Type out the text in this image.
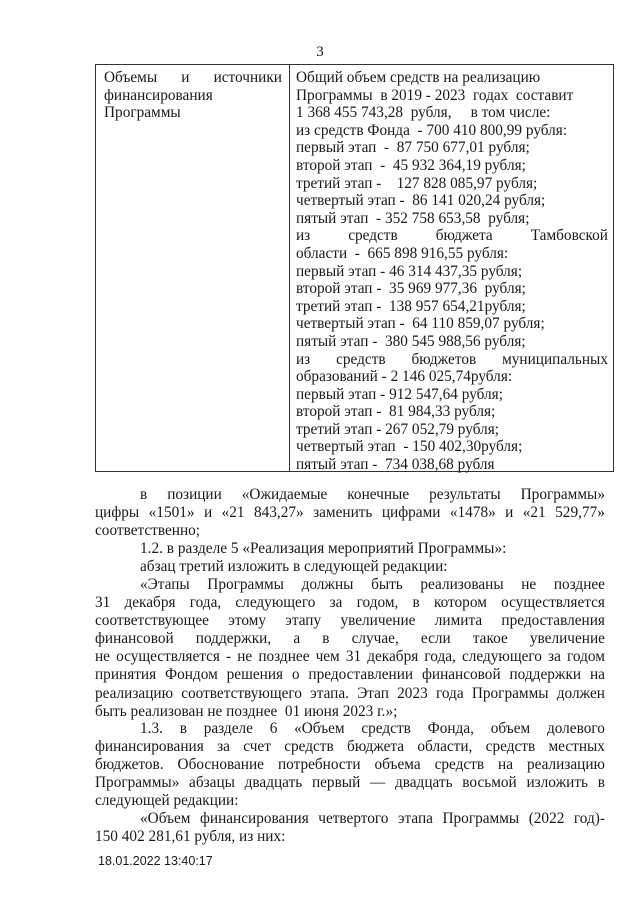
3
Объемы и источники
финансирования
Программы
Общий объем средств на реализацию
Программы  в 2019 - 2023  годах  составит
1 368 455 743,28  рубля,     в том числе:
из средств Фонда  - 700 410 800,99 рубля:
первый этап  -  87 750 677,01 рубля;
второй этап  -  45 932 364,19 рубля;
третий этап -    127 828 085,97 рубля;
четвертый этап -  86 141 020,24 рубля;
пятый этап  - 352 758 653,58  рубля;
из средств бюджета Тамбовской
области  -  665 898 916,55 рубля:
первый этап - 46 314 437,35 рубля;
второй этап -  35 969 977,36  рубля;
третий этап -  138 957 654,21рубля;
четвертый этап -  64 110 859,07 рубля;
пятый этап -  380 545 988,56 рубля;
из средств бюджетов муниципальных
образований - 2 146 025,74рубля:
первый этап - 912 547,64 рубля;
второй этап -  81 984,33 рубля;
третий этап - 267 052,79 рубля;
четвертый этап  - 150 402,30рубля;
пятый этап -  734 038,68 рубля
в позиции «Ожидаемые конечные результаты Программы»
цифры «1501» и «21 843,27» заменить цифрами «1478» и «21 529,77»
соответственно;
1.2. в разделе 5 «Реализация мероприятий Программы»:
абзац третий изложить в следующей редакции:
«Этапы Программы должны быть реализованы не позднее
31 декабря года, следующего за годом, в котором осуществляется
соответствующее этому этапу увеличение лимита предоставления
финансовой поддержки, а в случае, если такое увеличение
не осуществляется - не позднее чем 31 декабря года, следующего за годом
принятия Фондом решения о предоставлении финансовой поддержки на
реализацию соответствующего этапа. Этап 2023 года Программы должен
быть реализован не позднее  01 июня 2023 г.»;
1.3. в разделе 6 «Объем средств Фонда, объем долевого
финансирования за счет средств бюджета области, средств местных
бюджетов. Обоснование потребности объема средств на реализацию
Программы» абзацы двадцать первый — двадцать восьмой изложить в
следующей редакции:
«Объем финансирования четвертого этапа Программы (2022 год)-
150 402 281,61 рубля, из них:
18.01.2022 13:40:17
